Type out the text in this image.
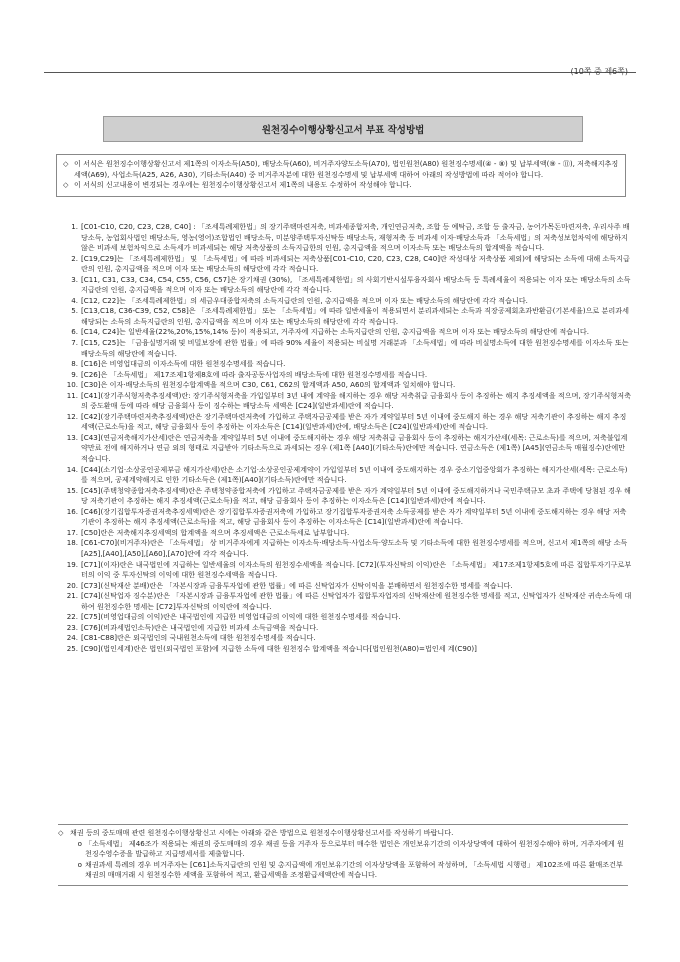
(10쪽 중 제6쪽)
원천징수이행상황신고서 부표 작성방법
◇ 이 서식은 원천징수이행상황신고서 제1쪽의 이자소득(A50), 배당소득(A60), 비거주자양도소득(A70), 법인원천(A80) 원천징수명세(④ - ⑧) 및 납부세액(⑨ - ⑪), 저축해지추징세액(A69), 사업소득(A25, A26, A30), 기타소득(A40) 중 비거주자분에 대한 원천징수명세 및 납부세액 대하여 아래의 작성방법에 따라 적어야 합니다.
◇ 이 서식의 신고내용이 변경되는 경우에는 원천징수이행상황신고서 제1쪽의 내용도 수정하여 작성해야 합니다.
1. [C01-C10, C20, C23, C28, C40] : 「조세특례제한법」의 장기주택마련저축, 비과세종합저축, 개인연금저축, 조합 등 예탁금, 조합 등 출자금, 농어가목돈마련저축, 우리사주 배당소득, 농업회사법인 배당소득, 영농(영어)조합법인 배당소득, 미분양주택투자신탁등 배당소득, 재형저축 등 비과세 이자·배당소득과 「소득세법」의 저축성보험차익에 해당하지 않은 비과세 보험차익으로 소득세가 비과세되는 해당 저축상품의 소득지급한의 인원, 총지급액을 적으며 이자소득 또는 배당소득의 합계액을 적습니다.
2. [C19,C29]는 「조세특례제한법」 및 「소득세법」에 따라 비과세되는 저축상품[C01-C10, C20, C23, C28, C40]란 작성대상 저축상품 제외)에 해당되는 소득에 대해 소득지급란의 인원, 총지급액을 적으며 이자 또는 배당소득의 해당란에 각각 적습니다.
3. [C11, C31, C33, C34, C54, C55, C56, C57]은 장기채권 (30%), 「조세특례제한법」의 사회기반시설투융자회사 배당소득 등 특례세율이 적용되는 이자 또는 배당소득의 소득지급란의 인원, 총지급액을 적으며 이자 또는 배당소득의 해당란에 각각 적습니다.
4. [C12, C22]는 「조세특례제한법」의 세금우대종합저축의 소득지급란의 인원, 총지급액을 적으며 이자 또는 배당소득의 해당란에 각각 적습니다.
5. [C13,C18, C36-C39, C52, C58]은 「조세특례제한법」 또는 「소득세법」에 따라 일반세율이 적용되면서 분리과세되는 소득과 직장공제회초과반환금(기본세율)으로 분리과세 해당되는 소득의 소득지급란의 인원, 총지급액을 적으며 이자 또는 배당소득의 해당란에 각각 적습니다.
6. [C14, C24]는 일반세율(22%,20%,15%,14% 등)이 적용되고, 거주자에 지급하는 소득지급란의 인원, 총지급액을 적으며 이자 또는 배당소득의 해당란에 적습니다.
7. [C15, C25]는 「금융실명거래 및 비밀보장에 관한 법률」에 따라 90% 세율이 적용되는 비실명 거래분과 「소득세법」에 따라 비실명소득에 대한 원천징수명세를 이자소득 또는 배당소득의 해당란에 적습니다.
8. [C16]은 비영업대금의 이자소득에 대한 원천징수명세를 적습니다.
9. [C26]은 「소득세법」 제17조제1항제8호에 따라 출자공동사업자의 배당소득에 대한 원천징수명세를 적습니다.
10. [C30]은 이자·배당소득의 원천징수합계액을 적으며 C30, C61, C62의 합계액과 A50, A60의 합계액과 일치해야 합니다.
11. [C41](장기주식형저축추징세액)란: 장기주식형저축을 가입일부터 3년 내에 계약을 해지하는 경우 해당 저축취급 금융회사 등이 추징하는 해지 추징세액을 적으며, 장기주식형저축의 중도환매 등에 따라 해당 금융회사 등이 징수하는 배당소득 세액은 [C24](일반과세)란에 적습니다.
12. [C42](장기주택마련저축추징세액)란은 장기주택마련저축에 가입하고 주택자금공제를 받은 자가 계약일부터 5년 이내에 중도해지 하는 경우 해당 저축기관이 추징하는 해지 추징세액(근로소득)을 적고, 해당 금융회사 등이 추징하는 이자소득은 [C14](일반과세)란에, 배당소득은 [C24](일반과세)란에 적습니다.
13. [C43](연금저축해지가산세)란은 연금저축을 계약일부터 5년 이내에 중도해지하는 경우 해당 저축취급 금융회사 등이 추징하는 해지가산세(세목: 근로소득)를 적으며, 저축불입계약만료 전에 해지하거나 연금 외의 형태로 지급받아 기타소득으로 과세되는 경우 (제1쪽 [A40](기타소득)란에만 적습니다. 연금소득은 (제1쪽) [A45](연금소득 매월징수)란에만 적습니다.
14. [C44](소기업·소상공인공제부금 해지가산세)란은 소기업·소상공인공제계약이 가입일부터 5년 이내에 중도해지하는 경우 중소기업중앙회가 추징하는 해지가산세(세목: 근로소득)를 적으며, 공제계약해지로 인한 기타소득은 (제1쪽)[A40](기타소득)란에만 적습니다.
15. [C45](주택청약종합저축추징세액)란은 주택청약종합저축에 가입하고 주택자금공제를 받은 자가 계약일부터 5년 이내에 중도해지하거나 국민주택규모 초과 주택에 당첨된 경우 해당 저축기관이 추징하는 해지 추징세액(근로소득)을 적고, 해당 금융회사 등이 추징하는 이자소득은 [C14](일반과세)란에 적습니다.
16. [C46](장기집합투자증권저축추징세액)란은 장기집합투자증권저축에 가입하고 장기집합투자증권저축 소득공제를 받은 자가 계약일부터 5년 이내에 중도해지하는 경우 해당 저축기관이 추징하는 해지 추징세액(근로소득)을 적고, 해당 금융회사 등이 추징하는 이자소득은 [C14](일반과세)란에 적습니다.
17. [C50]란은 저축해지추징세액의 합계액을 적으며 추징세액은 근로소득세로 납부합니다.
18. [C61-C70](비거주자)란은 「소득세법」 상 비거주자에게 지급하는 이자소득·배당소득·사업소득·양도소득 및 기타소득에 대한 원천징수명세를 적으며, 신고서 제1쪽의 해당 소득 [A25],[A40],[A50],[A60],[A70]란에 각각 적습니다.
19. [C71](이자)란은 내국법인에 지급하는 일반세율의 이자소득의 원천징수세액을 적습니다. [C72](투자신탁의 이익)란은 「소득세법」 제17조제1항제5호에 따른 집합투자기구로부터의 이익 중 투자신탁의 이익에 대한 원천징수세액을 적습니다.
20. [C73](신탁재산 분배)란은 「자본시장과 금융투자업에 관한 법률」에 따른 신탁업자가 신탁이익을 분배하면서 원천징수한 명세를 적습니다.
21. [C74](신탁업자 징수분)란은 「자본시장과 금융투자업에 관한 법률」에 따른 신탁업자가 집합투자업자의 신탁재산에 원천징수한 명세를 적고, 신탁업자가 신탁재산 귀속소득에 대하여 원천징수한 명세는 [C72]투자신탁의 이익란에 적습니다.
22. [C75](비영업대금의 이익)란은 내국법인에 지급한 비영업대금의 이익에 대한 원천징수명세를 적습니다.
23. [C76](비과세법인소득)란은 내국법인에 지급한 비과세 소득금액을 적습니다.
24. [C81-C88]란은 외국법인의 국내원천소득에 대한 원천징수명세를 적습니다.
25. [C90](법인세계)란은 법인(외국법인 포함)에 지급한 소득에 대한 원천징수 합계액을 적습니다[법인원천(A80)=법인세 계(C90)]
◇ 채권 등의 중도매매 관련 원천징수이행상황신고 시에는 아래와 같은 방법으로 원천징수이행상황신고서를 작성하기 바랍니다.
o 「소득세법」 제46조가 적용되는 채권의 중도매매의 경우 채권 등을 거주자 등으로부터 매수한 법인은 개인보유기간의 이자상당액에 대하여 원천징수해야 하며, 거주자에게 원천징수영수증을 발급하고 지급명세서를 제출합니다.
o 채권과세 특례의 경우 비거주자는 [C61]소득지급란의 인원 및 총지급액에 개인보유기간의 이자상당액을 포함하여 작성하며, 「소득세법 시행령」 제102조에 따른 환매조건부채권의 매매거래 시 원천징수한 세액을 포함하여 적고, 환급세액을 조정환급세액란에 적습니다.
